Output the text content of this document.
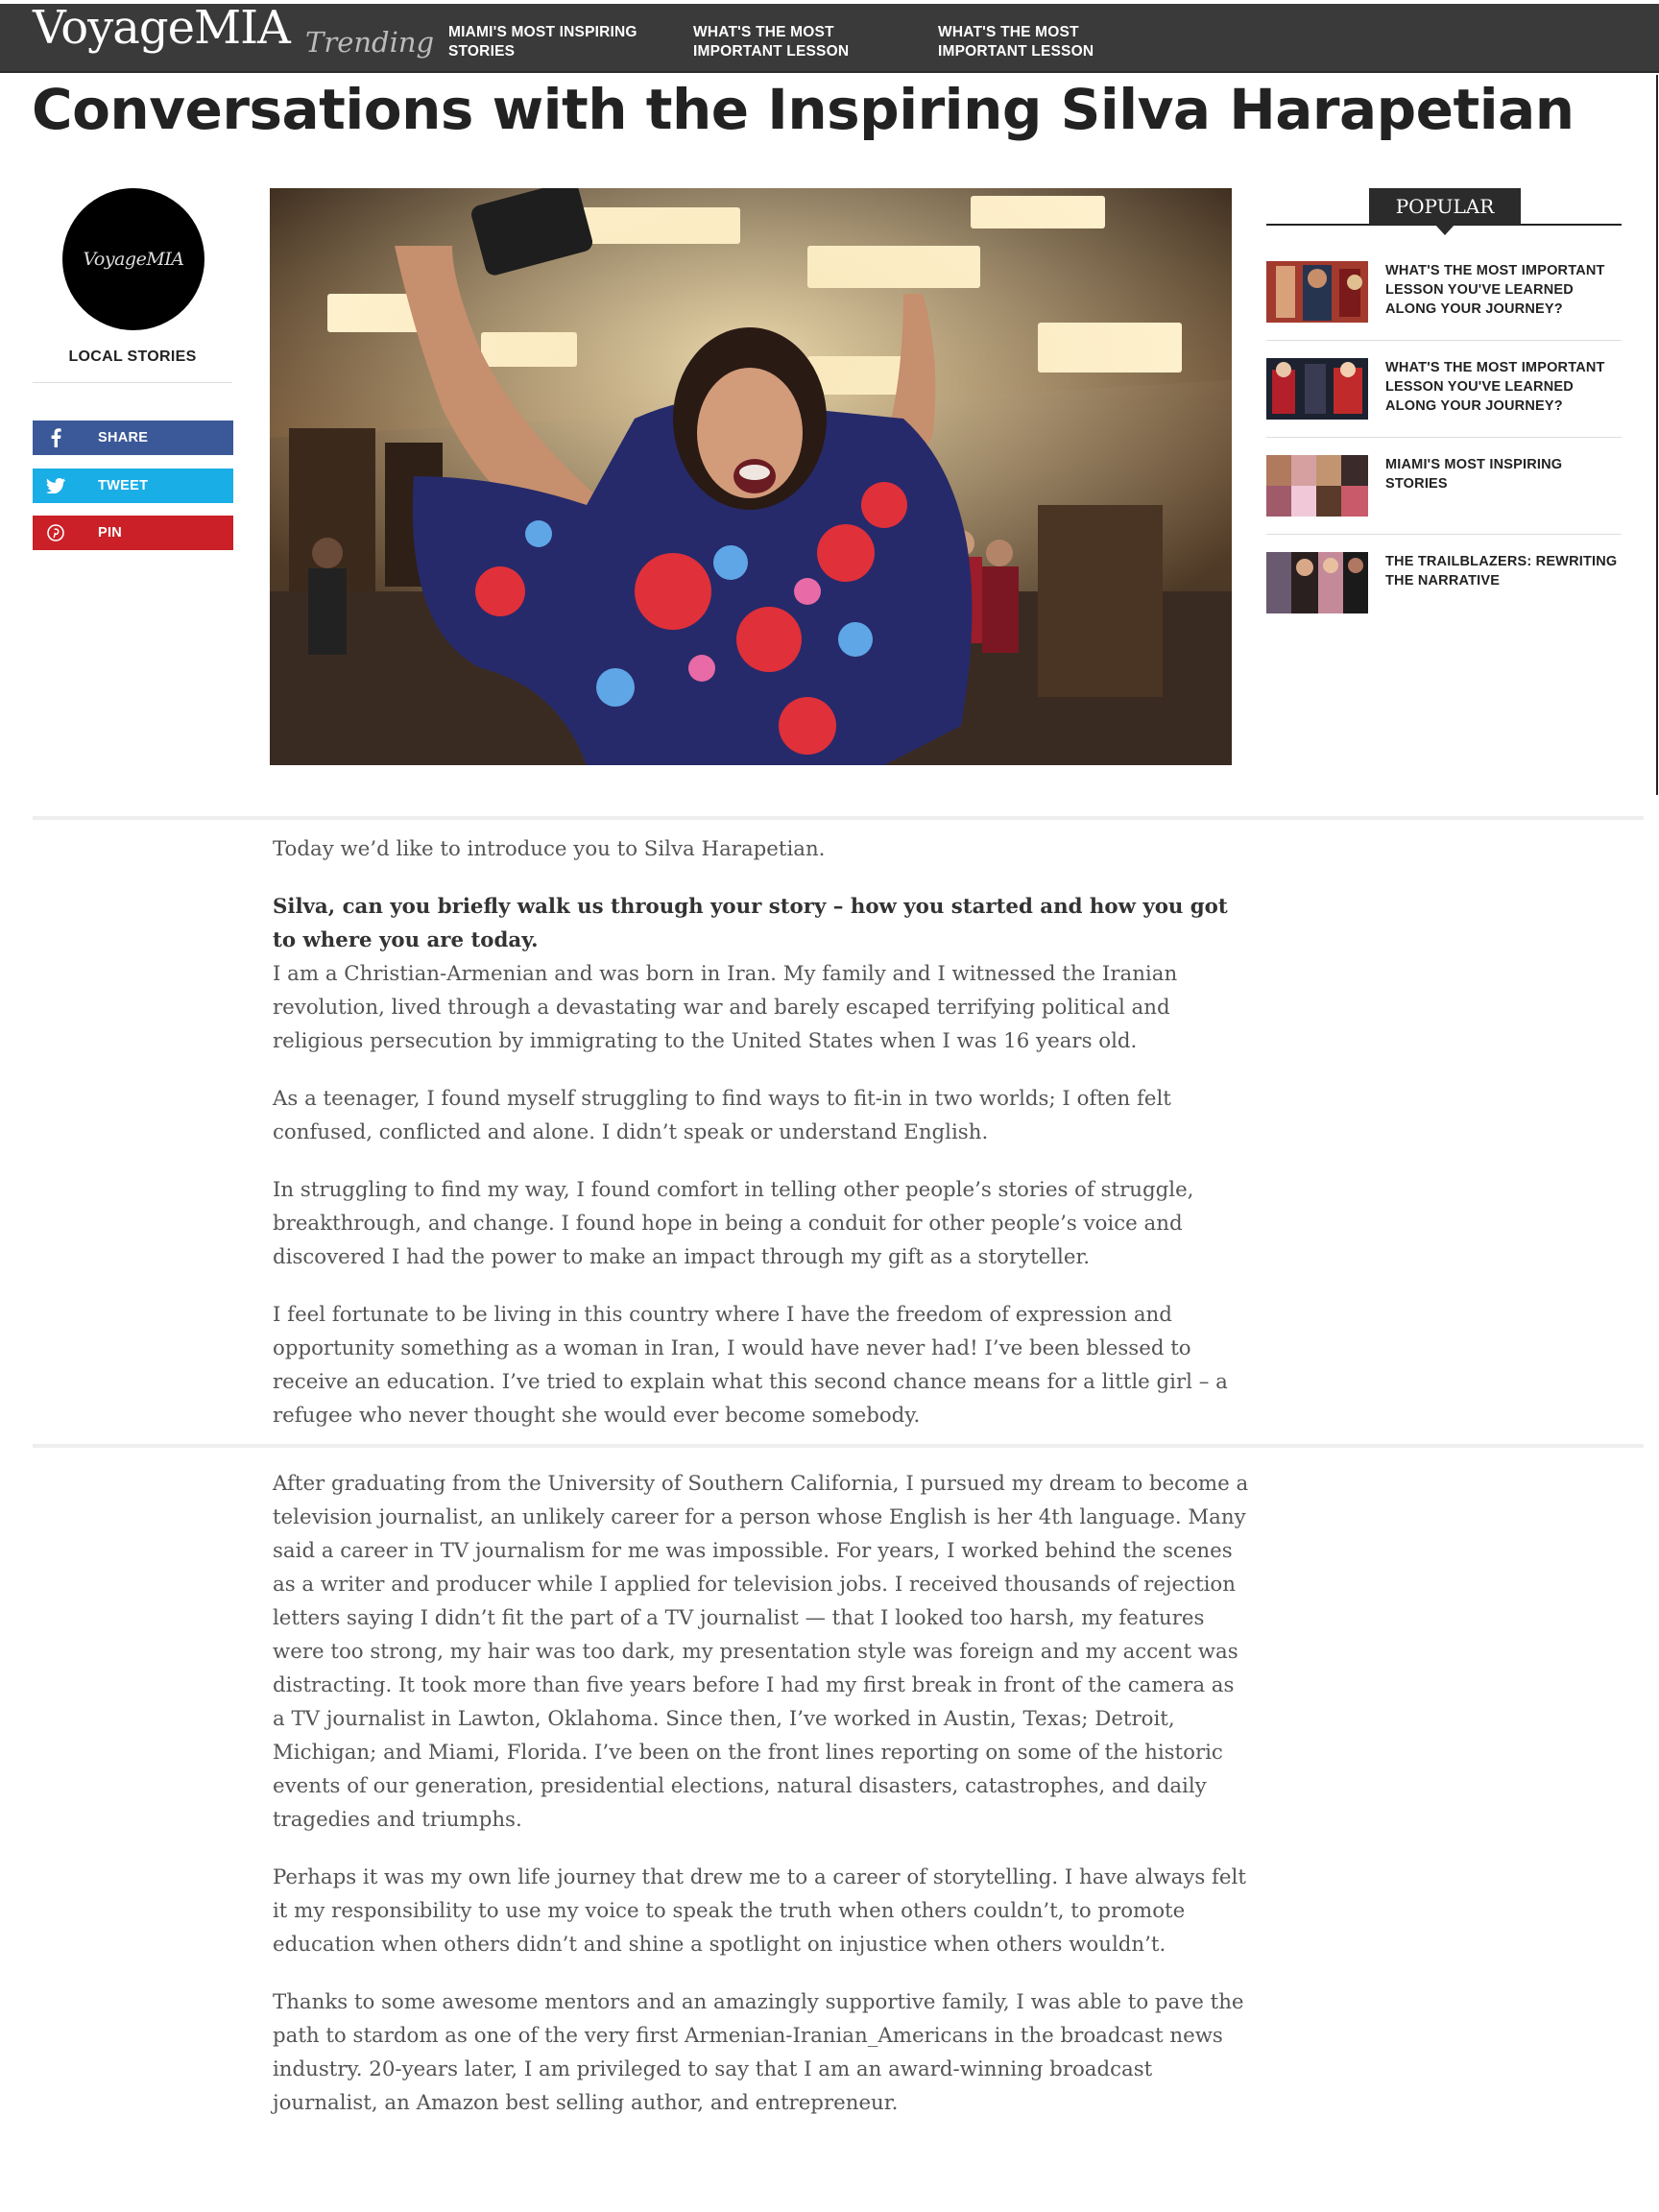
VoyageMIA Trending MIAMI'S MOST INSPIRING STORIES
WHAT'S THE MOST IMPORTANT LESSON
WHAT'S THE MOST IMPORTANT LESSON
Conversations with the Inspiring Silva Harapetian
VoyageMIA
LOCAL STORIES
SHARE
TWEET
PIN
POPULAR
WHAT'S THE MOST IMPORTANT LESSON YOU'VE LEARNED ALONG YOUR JOURNEY?
WHAT'S THE MOST IMPORTANT LESSON YOU'VE LEARNED ALONG YOUR JOURNEY?
MIAMI'S MOST INSPIRING STORIES
THE TRAILBLAZERS: REWRITING THE NARRATIVE

Today we’d like to introduce you to Silva Harapetian.

Silva, can you briefly walk us through your story – how you started and how you got to where you are today.

I am a Christian-Armenian and was born in Iran. My family and I witnessed the Iranian revolution, lived through a devastating war and barely escaped terrifying political and religious persecution by immigrating to the United States when I was 16 years old.

As a teenager, I found myself struggling to find ways to fit-in in two worlds; I often felt confused, conflicted and alone. I didn’t speak or understand English.

In struggling to find my way, I found comfort in telling other people’s stories of struggle, breakthrough, and change. I found hope in being a conduit for other people’s voice and discovered I had the power to make an impact through my gift as a storyteller.

I feel fortunate to be living in this country where I have the freedom of expression and opportunity something as a woman in Iran, I would have never had! I’ve been blessed to receive an education. I’ve tried to explain what this second chance means for a little girl – a refugee who never thought she would ever become somebody.

After graduating from the University of Southern California, I pursued my dream to become a television journalist, an unlikely career for a person whose English is her 4th language. Many said a career in TV journalism for me was impossible. For years, I worked behind the scenes as a writer and producer while I applied for television jobs. I received thousands of rejection letters saying I didn’t fit the part of a TV journalist — that I looked too harsh, my features were too strong, my hair was too dark, my presentation style was foreign and my accent was distracting. It took more than five years before I had my first break in front of the camera as a TV journalist in Lawton, Oklahoma. Since then, I’ve worked in Austin, Texas; Detroit, Michigan; and Miami, Florida. I’ve been on the front lines reporting on some of the historic events of our generation, presidential elections, natural disasters, catastrophes, and daily tragedies and triumphs.

Perhaps it was my own life journey that drew me to a career of storytelling. I have always felt it my responsibility to use my voice to speak the truth when others couldn’t, to promote education when others didn’t and shine a spotlight on injustice when others wouldn’t.

Thanks to some awesome mentors and an amazingly supportive family, I was able to pave the path to stardom as one of the very first Armenian-Iranian_Americans in the broadcast news industry. 20-years later, I am privileged to say that I am an award-winning broadcast journalist, an Amazon best selling author, and entrepreneur.
